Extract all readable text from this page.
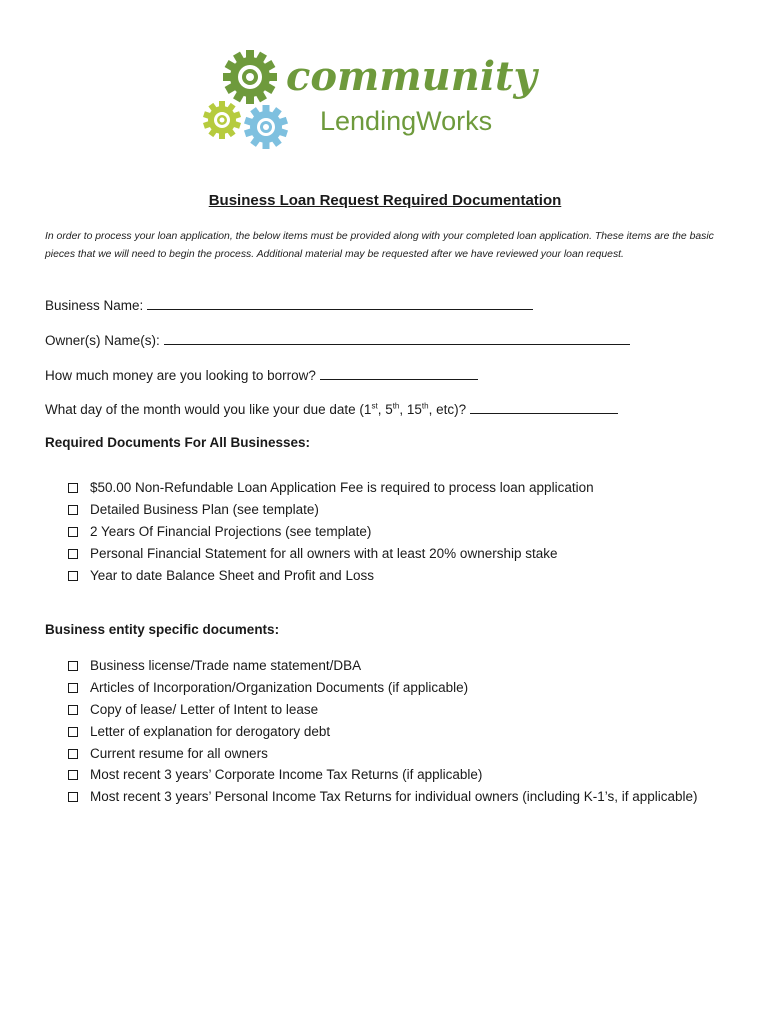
community
LendingWorks
Business Loan Request Required Documentation
In order to process your loan application, the below items must be provided along with your completed loan application. These items are the basic pieces that we will need to begin the process. Additional material may be requested after we have reviewed your loan request.
Business Name:
Owner(s) Name(s):
How much money are you looking to borrow?
What day of the month would you like your due date (1st, 5th, 15th, etc)?
Required Documents For All Businesses:
$50.00 Non-Refundable Loan Application Fee is required to process loan application
Detailed Business Plan (see template)
2 Years Of Financial Projections (see template)
Personal Financial Statement for all owners with at least 20% ownership stake
Year to date Balance Sheet and Profit and Loss
Business entity specific documents:
Business license/Trade name statement/DBA
Articles of Incorporation/Organization Documents (if applicable)
Copy of lease/ Letter of Intent to lease
Letter of explanation for derogatory debt
Current resume for all owners
Most recent 3 years’ Corporate Income Tax Returns (if applicable)
Most recent 3 years’ Personal Income Tax Returns for individual owners (including K-1’s, if applicable)
